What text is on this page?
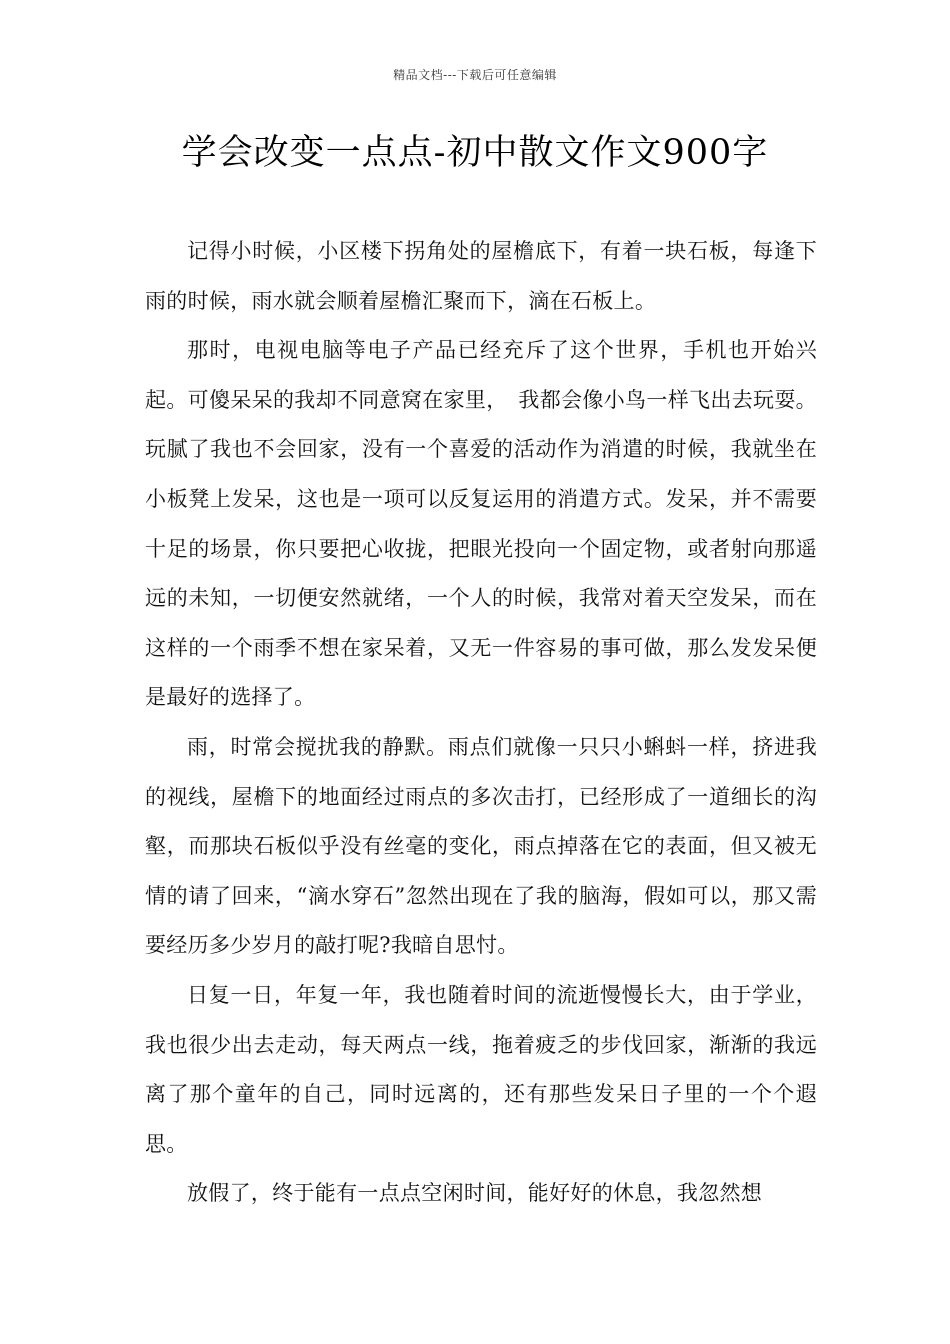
精品文档---下载后可任意编辑
学会改变一点点-初中散文作文900字

记得小时候，小区楼下拐角处的屋檐底下，有着一块石板，每逢下雨的时候，雨水就会顺着屋檐汇聚而下，滴在石板上。

那时，电视电脑等电子产品已经充斥了这个世界，手机也开始兴起。可傻呆呆的我却不同意窝在家里，　我都会像小鸟一样飞出去玩耍。玩腻了我也不会回家，没有一个喜爱的活动作为消遣的时候，我就坐在小板凳上发呆，这也是一项可以反复运用的消遣方式。发呆，并不需要十足的场景，你只要把心收拢，把眼光投向一个固定物，或者射向那遥远的未知，一切便安然就绪，一个人的时候，我常对着天空发呆，而在这样的一个雨季不想在家呆着，又无一件容易的事可做，那么发发呆便是最好的选择了。

雨，时常会搅扰我的静默。雨点们就像一只只小蝌蚪一样，挤进我的视线，屋檐下的地面经过雨点的多次击打，已经形成了一道细长的沟壑，而那块石板似乎没有丝毫的变化，雨点掉落在它的表面，但又被无情的请了回来，“滴水穿石”忽然出现在了我的脑海，假如可以，那又需要经历多少岁月的敲打呢?我暗自思忖。

日复一日，年复一年，我也随着时间的流逝慢慢长大，由于学业，我也很少出去走动，每天两点一线，拖着疲乏的步伐回家，渐渐的我远离了那个童年的自己，同时远离的，还有那些发呆日子里的一个个遐思。

放假了，终于能有一点点空闲时间，能好好的休息，我忽然想
